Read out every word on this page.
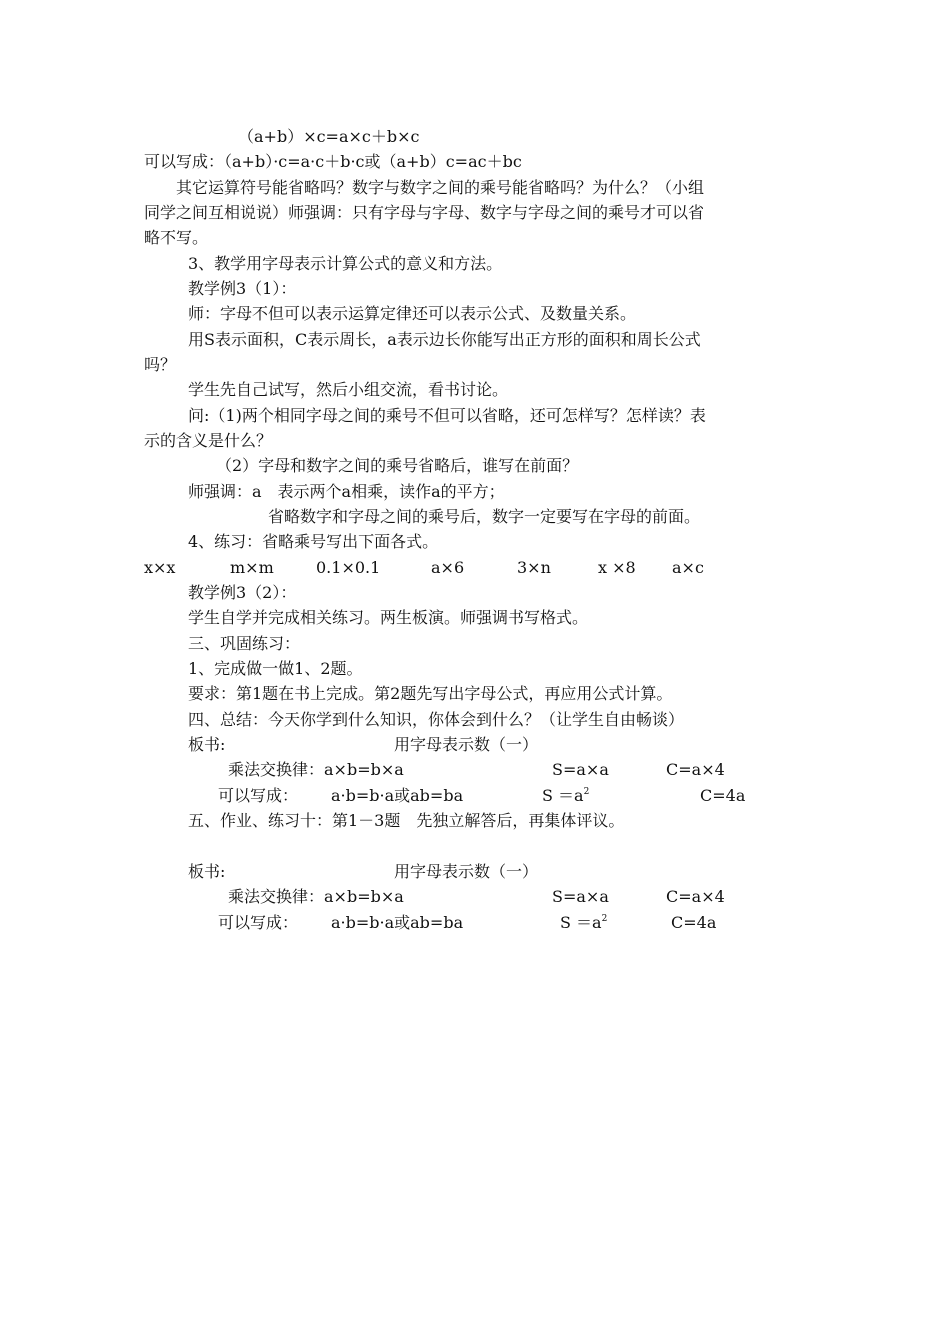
（a+b）×c=a×c＋b×c
可以写成：（a+b）·c=a·c＋b·c或（a+b）c=ac＋bc
其它运算符号能省略吗？数字与数字之间的乘号能省略吗？为什么？（小组
同学之间互相说说）师强调：只有字母与字母、数字与字母之间的乘号才可以省
略不写。
3、教学用字母表示计算公式的意义和方法。
教学例3（1）：
师：字母不但可以表示运算定律还可以表示公式、及数量关系。
用S表示面积，C表示周长，a表示边长你能写出正方形的面积和周长公式
吗？
学生先自己试写，然后小组交流，看书讨论。
问:（1)两个相同字母之间的乘号不但可以省略，还可怎样写？怎样读？表
示的含义是什么？
（2）字母和数字之间的乘号省略后，谁写在前面？
师强调：a　表示两个a相乘，读作a的平方；
省略数字和字母之间的乘号后，数字一定要写在字母的前面。
4、练习：省略乘号写出下面各式。
x×x	m×m	0.1×0.1	a×6	3×n	x ×8 a×c
教学例3（2）：
学生自学并完成相关练习。两生板演。师强调书写格式。
三、巩固练习：
1、完成做一做1、2题。
要求：第1题在书上完成。第2题先写出字母公式，再应用公式计算。
四、总结：今天你学到什么知识，你体会到什么？（让学生自由畅谈）
板书:	用字母表示数（一）
乘法交换律：a×b=b×a	S=a×a	C=a×4
可以写成： a·b=b·a或ab=ba	$S =a^2$	C=4a
五、作业、练习十：第1－3题　先独立解答后，再集体评议。
板书:	用字母表示数（一）
乘法交换律：a×b=b×a	S=a×a	C=a×4
可以写成： a·b=b·a或ab=ba	$S =a^2$	C=4a
